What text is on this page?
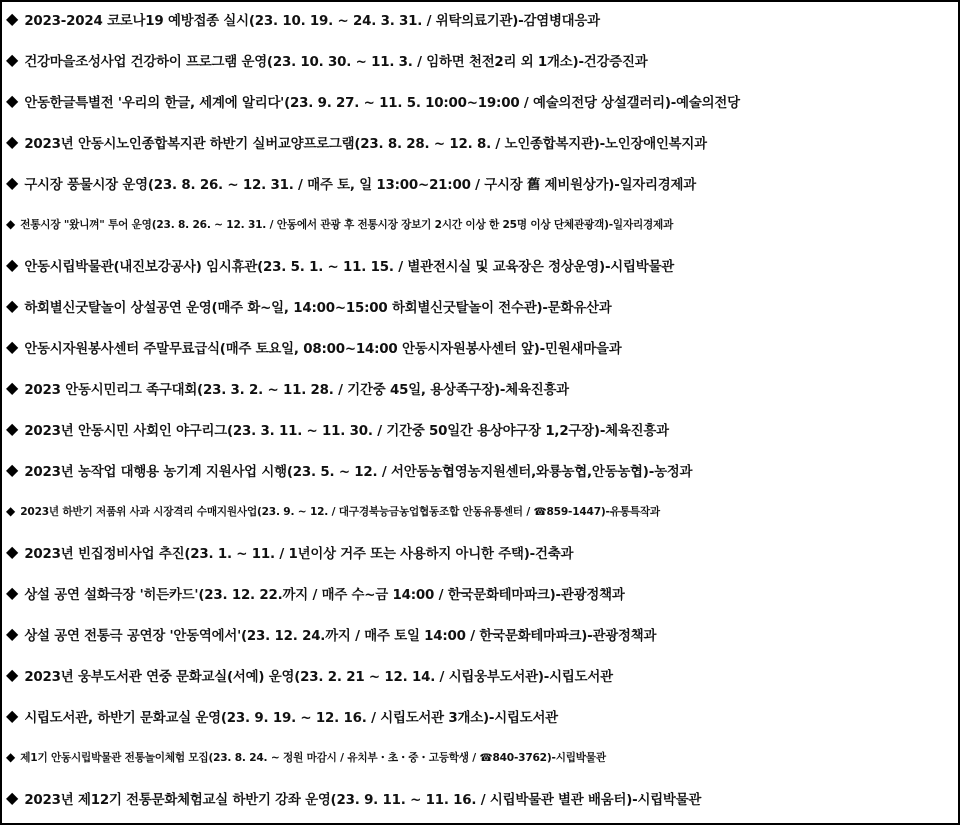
◆ 2023-2024 코로나19 예방접종 실시(23. 10. 19. ~ 24. 3. 31. / 위탁의료기관)-감염병대응과
◆ 건강마을조성사업 건강하이 프로그램 운영(23. 10. 30. ~ 11. 3. / 임하면 천전2리 외 1개소)-건강증진과
◆ 안동한글특별전 '우리의 한글, 세계에 알리다'(23. 9. 27. ~ 11. 5. 10:00~19:00 / 예술의전당 상설갤러리)-예술의전당
◆ 2023년 안동시노인종합복지관 하반기 실버교양프로그램(23. 8. 28. ~ 12. 8. / 노인종합복지관)-노인장애인복지과
◆ 구시장 풍물시장 운영(23. 8. 26. ~ 12. 31. / 매주 토, 일 13:00~21:00 / 구시장 舊 제비원상가)-일자리경제과
◆ 전통시장 "왔니껴" 투어 운영(23. 8. 26. ~ 12. 31. / 안동에서 관광 후 전통시장 장보기 2시간 이상 한 25명 이상 단체관광객)-일자리경제과
◆ 안동시립박물관(내진보강공사) 임시휴관(23. 5. 1. ~ 11. 15. / 별관전시실 및 교육장은 정상운영)-시립박물관
◆ 하회별신굿탈놀이 상설공연 운영(매주 화~일, 14:00~15:00 하회별신굿탈놀이 전수관)-문화유산과
◆ 안동시자원봉사센터 주말무료급식(매주 토요일, 08:00~14:00 안동시자원봉사센터 앞)-민원새마을과
◆ 2023 안동시민리그 족구대회(23. 3. 2. ~ 11. 28. / 기간중 45일, 용상족구장)-체육진흥과
◆ 2023년 안동시민 사회인 야구리그(23. 3. 11. ~ 11. 30. / 기간중 50일간 용상야구장 1,2구장)-체육진흥과
◆ 2023년 농작업 대행용 농기계 지원사업 시행(23. 5. ~ 12. / 서안동농협영농지원센터,와룡농협,안동농협)-농정과
◆ 2023년 하반기 저품위 사과 시장격리 수매지원사업(23. 9. ~ 12. / 대구경북능금농업협동조합 안동유통센터 / ☎859-1447)-유통특작과
◆ 2023년 빈집정비사업 추진(23. 1. ~ 11. / 1년이상 거주 또는 사용하지 아니한 주택)-건축과
◆ 상설 공연 설화극장 '히든카드'(23. 12. 22.까지 / 매주 수~금 14:00 / 한국문화테마파크)-관광정책과
◆ 상설 공연 전통극 공연장 '안동역에서'(23. 12. 24.까지 / 매주 토일 14:00 / 한국문화테마파크)-관광정책과
◆ 2023년 웅부도서관 연중 문화교실(서예) 운영(23. 2. 21 ~ 12. 14. / 시립웅부도서관)-시립도서관
◆ 시립도서관, 하반기 문화교실 운영(23. 9. 19. ~ 12. 16. / 시립도서관 3개소)-시립도서관
◆ 제1기 안동시립박물관 전통놀이체험 모집(23. 8. 24. ~ 정원 마감시 / 유치부・초・중・고등학생 / ☎840-3762)-시립박물관
◆ 2023년 제12기 전통문화체험교실 하반기 강좌 운영(23. 9. 11. ~ 11. 16. / 시립박물관 별관 배움터)-시립박물관
